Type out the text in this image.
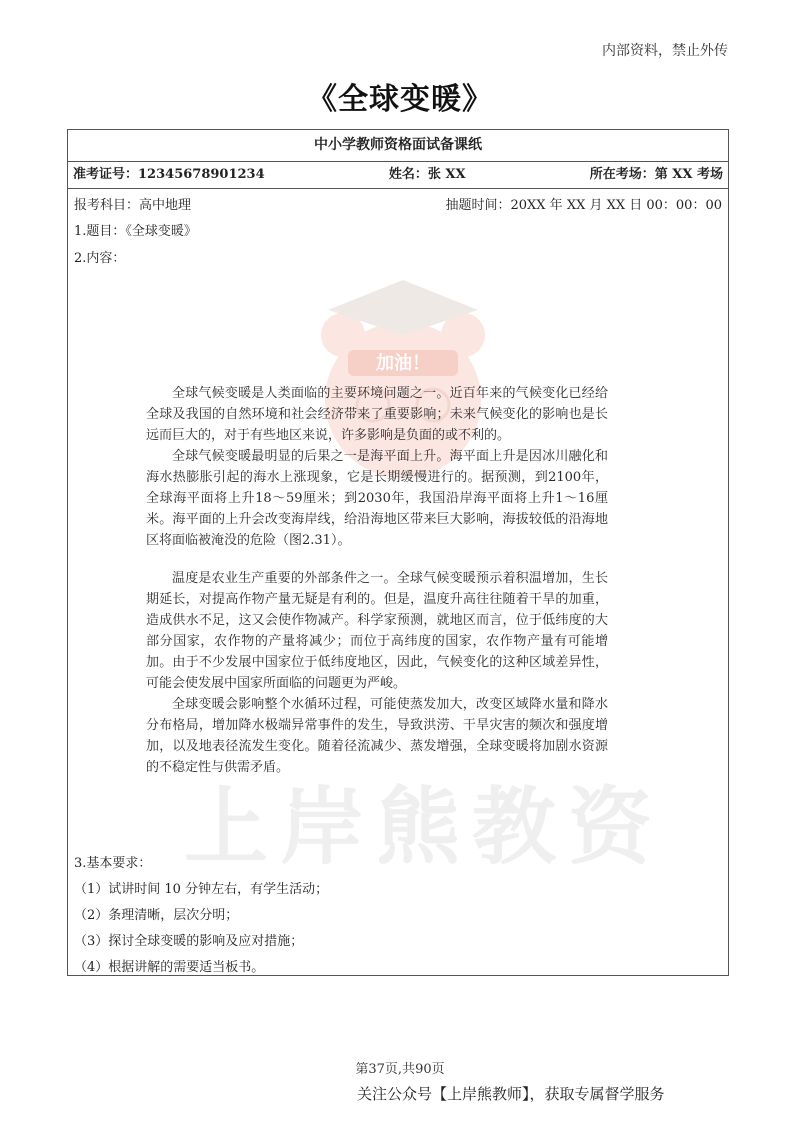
内部资料，禁止外传
《全球变暖》
中小学教师资格面试备课纸
准考证号：12345678901234	姓名：张 XX	所在考场：第 XX 考场
加油！
上岸熊教资
报考科目：高中地理	抽题时间：20XX 年 XX 月 XX 日 00：00：00
1.题目：《全球变暖》
2.内容：

全球气候变暖是人类面临的主要环境问题之一。近百年来的气候变化已经给全球及我国的自然环境和社会经济带来了重要影响；未来气候变化的影响也是长远而巨大的，对于有些地区来说，许多影响是负面的或不利的。

全球气候变暖最明显的后果之一是海平面上升。海平面上升是因冰川融化和海水热膨胀引起的海水上涨现象，它是长期缓慢进行的。据预测，到2100年，全球海平面将上升18～59厘米；到2030年，我国沿岸海平面将上升1～16厘米。海平面的上升会改变海岸线，给沿海地区带来巨大影响，海拔较低的沿海地区将面临被淹没的危险（图2.31）。

温度是农业生产重要的外部条件之一。全球气候变暖预示着积温增加，生长期延长，对提高作物产量无疑是有利的。但是，温度升高往往随着干旱的加重，造成供水不足，这又会使作物减产。科学家预测，就地区而言，位于低纬度的大部分国家，农作物的产量将减少；而位于高纬度的国家，农作物产量有可能增加。由于不少发展中国家位于低纬度地区，因此，气候变化的这种区域差异性，可能会使发展中国家所面临的问题更为严峻。

全球变暖会影响整个水循环过程，可能使蒸发加大，改变区域降水量和降水分布格局，增加降水极端异常事件的发生，导致洪涝、干旱灾害的频次和强度增加，以及地表径流发生变化。随着径流减少、蒸发增强，全球变暖将加剧水资源的不稳定性与供需矛盾。

3.基本要求：
（1）试讲时间 10 分钟左右，有学生活动；
（2）条理清晰，层次分明；
（3）探讨全球变暖的影响及应对措施；
（4）根据讲解的需要适当板书。
第37页,共90页
关注公众号【上岸熊教师】，获取专属督学服务
